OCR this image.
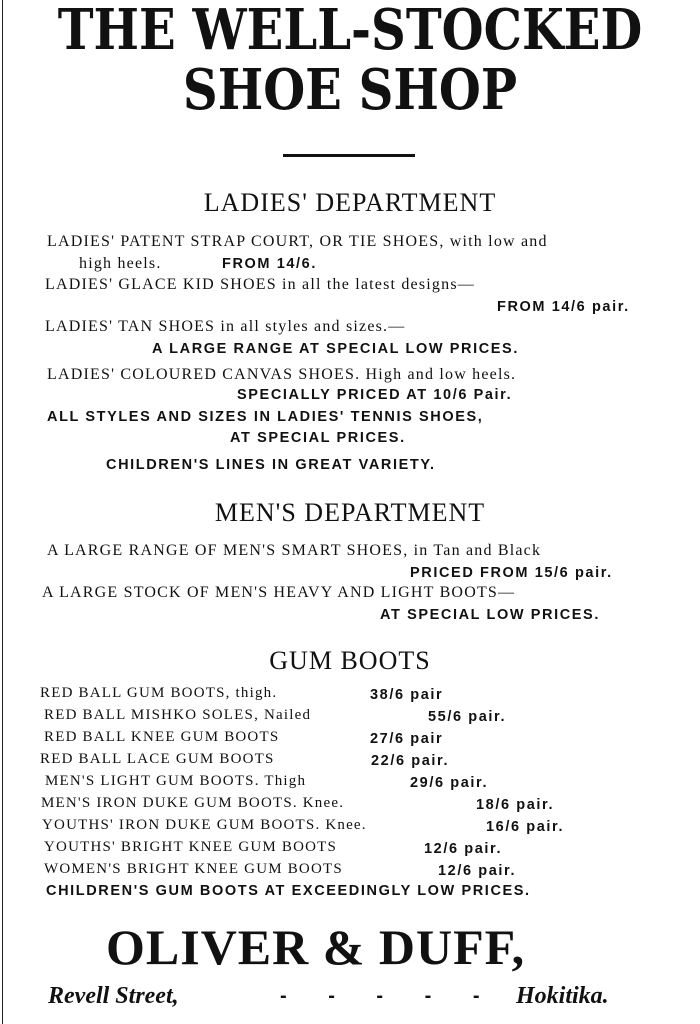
THE WELL-STOCKED
SHOE SHOP
LADIES' DEPARTMENT
LADIES' PATENT STRAP COURT, OR TIE SHOES, with low and
high heels.	FROM 14/6.
LADIES' GLACE KID SHOES in all the latest designs—
FROM 14/6 pair.
LADIES' TAN SHOES in all styles and sizes.—
A LARGE RANGE AT SPECIAL LOW PRICES.
LADIES' COLOURED CANVAS SHOES. High and low heels.
SPECIALLY PRICED AT 10/6 Pair.
ALL STYLES AND SIZES IN LADIES' TENNIS SHOES,
AT SPECIAL PRICES.
CHILDREN'S LINES IN GREAT VARIETY.
MEN'S DEPARTMENT
A LARGE RANGE OF MEN'S SMART SHOES, in Tan and Black
PRICED FROM 15/6 pair.
A LARGE STOCK OF MEN'S HEAVY AND LIGHT BOOTS—
AT SPECIAL LOW PRICES.
GUM BOOTS
RED BALL GUM BOOTS, thigh.	38/6 pair
RED BALL MISHKO SOLES, Nailed	55/6 pair.
RED BALL KNEE GUM BOOTS	27/6 pair
RED BALL LACE GUM BOOTS	22/6 pair.
MEN'S LIGHT GUM BOOTS. Thigh	29/6 pair.
MEN'S IRON DUKE GUM BOOTS. Knee.	18/6 pair.
YOUTHS' IRON DUKE GUM BOOTS. Knee.	16/6 pair.
YOUTHS' BRIGHT KNEE GUM BOOTS	12/6 pair.
WOMEN'S BRIGHT KNEE GUM BOOTS	12/6 pair.
CHILDREN'S GUM BOOTS AT EXCEEDINGLY LOW PRICES.
OLIVER & DUFF,
Revell Street,	- - - - - Hokitika.
